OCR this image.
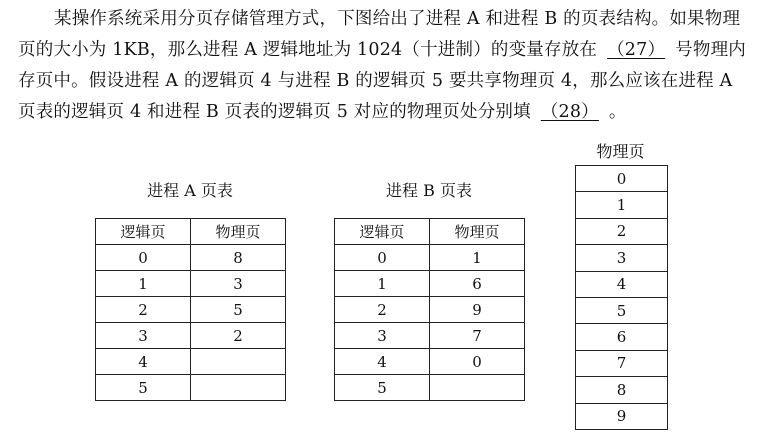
某操作系统采用分页存储管理方式，下图给出了进程 A 和进程 B 的页表结构。如果物理页的大小为 1KB，那么进程 A 逻辑地址为 1024（十进制）的变量存放在 （27） 号物理内存页中。假设进程 A 的逻辑页 4 与进程 B 的逻辑页 5 要共享物理页 4，那么应该在进程 A 页表的逻辑页 4 和进程 B 页表的逻辑页 5 对应的物理页处分别填 （28） 。
进程 A 页表	进程 B 页表
物理页
逻辑页	物理页
0	8
1	3
2	5
3	2
4	
5	
逻辑页	物理页
0	1
1	6
2	9
3	7
4	0
5	
0
1
2
3
4
5
6
7
8
9
